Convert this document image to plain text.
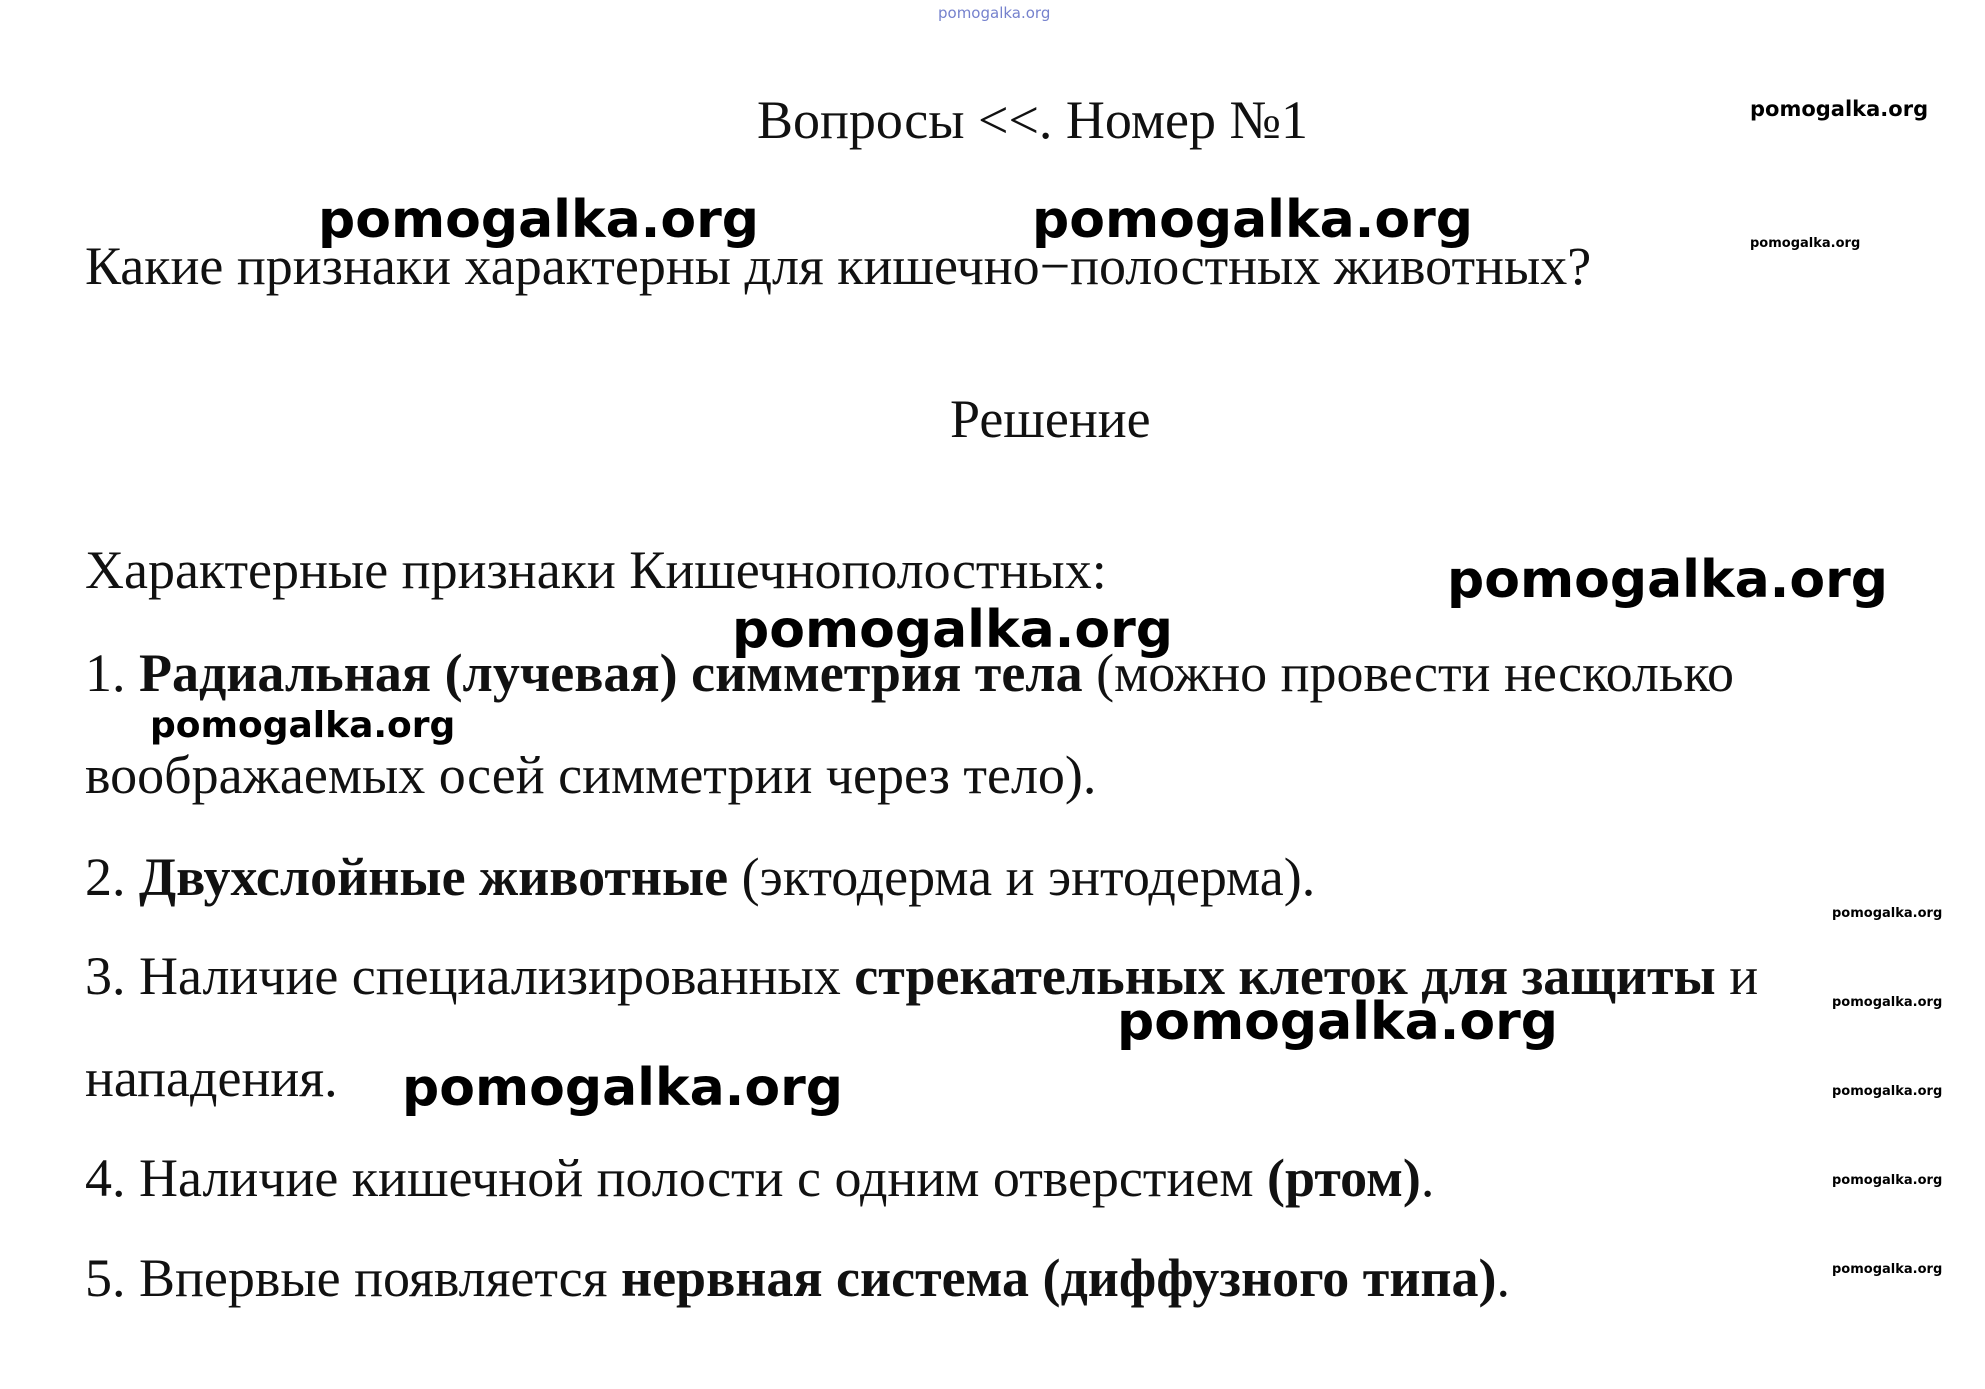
pomogalka.org
Вопросы <<. Номер №1	pomogalka.org
pomogalka.org	pomogalka.org	pomogalka.org
Какие признаки характерны для кишечно−полостных животных?
Решение
Характерные признаки Кишечнополостных:	pomogalka.org
pomogalka.org
1. Радиальная (лучевая) симметрия тела (можно провести несколько
pomogalka.org
воображаемых осей симметрии через тело).
2. Двухслойные животные (эктодерма и энтодерма).
pomogalka.org
3. Наличие специализированных стрекательных клеток для защиты и	pomogalka.org
pomogalka.org
нападения. pomogalka.org	pomogalka.org
4. Наличие кишечной полости с одним отверстием (ртом).	pomogalka.org
5. Впервые появляется нервная система (диффузного типа).	pomogalka.org
